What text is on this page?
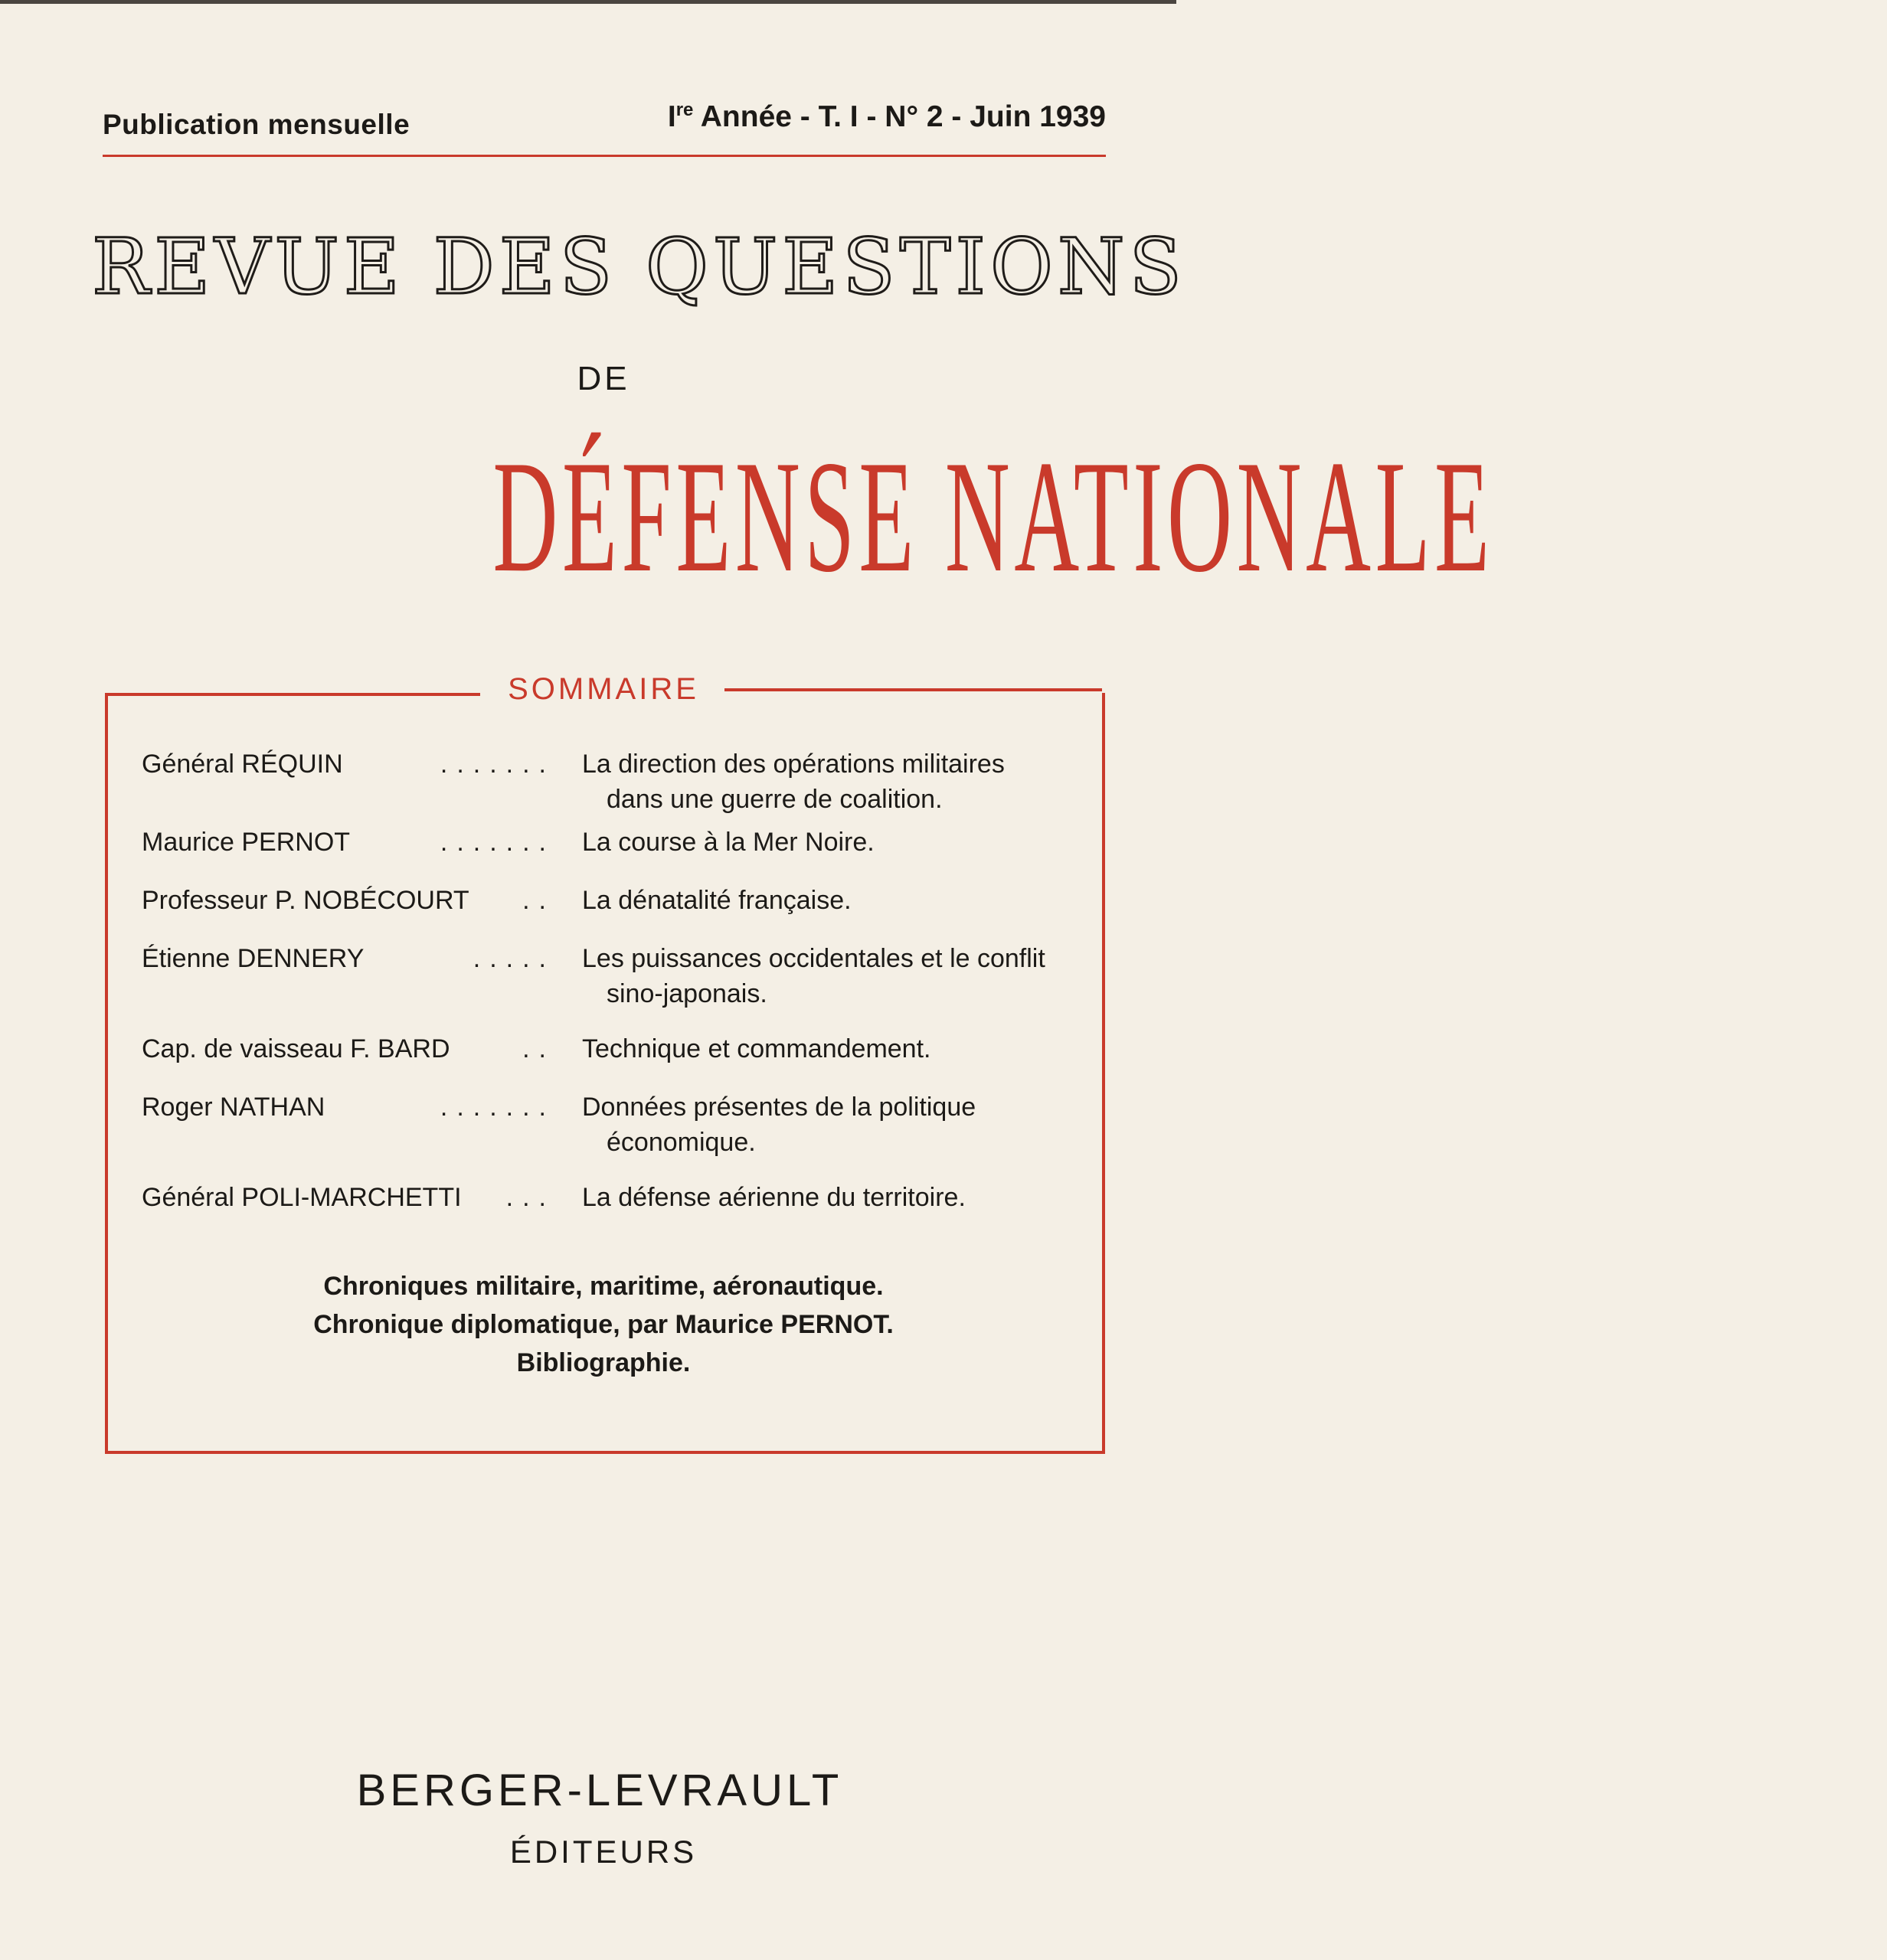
Publication mensuelle	Ire Année - T. I - N° 2 - Juin 1939
REVUE DES QUESTIONS
DE
DÉFENSE NATIONALE
SOMMAIRE
Général RÉQUIN	....... La direction des opérations militaires
dans une guerre de coalition.
Maurice PERNOT	....... La course à la Mer Noire.
Professeur P. NOBÉCOURT .. La dénatalité française.
Étienne DENNERY	..... Les puissances occidentales et le conflit
sino-japonais.
Cap. de vaisseau F. BARD	.. Technique et commandement.
Roger NATHAN	....... Données présentes de la politique
économique.
Général POLI-MARCHETTI ... La défense aérienne du territoire.
Chroniques militaire, maritime, aéronautique.
Chronique diplomatique, par Maurice PERNOT.
Bibliographie.
BERGER-LEVRAULT
ÉDITEURS
